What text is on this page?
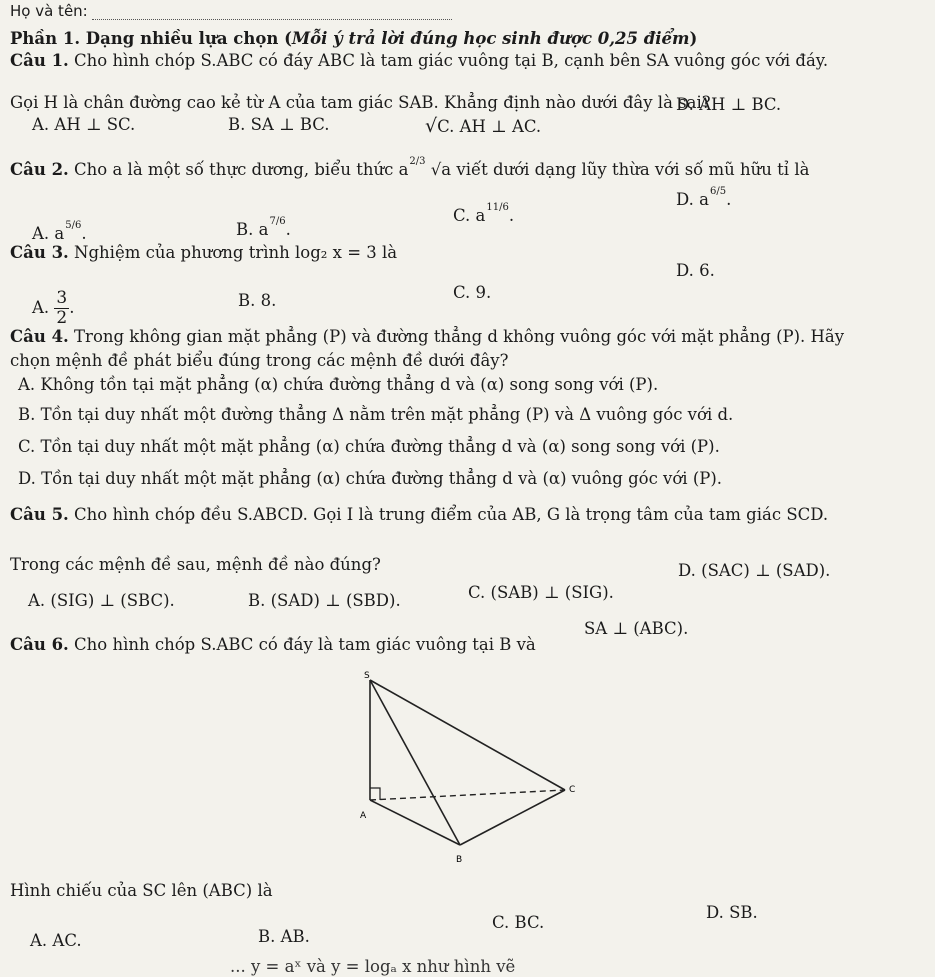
Họ và tên:
Phần 1. Dạng nhiều lựa chọn (Mỗi ý trả lời đúng học sinh được 0,25 điểm)
Câu 1. Cho hình chóp S.ABC có đáy ABC là tam giác vuông tại B, cạnh bên SA vuông góc với đáy.
Gọi H là chân đường cao kẻ từ A của tam giác SAB. Khẳng định nào dưới đây là sai?
A. AH ⊥ SC.	B. SA ⊥ BC.	√C. AH ⊥ AC.
D. AH ⊥ BC.
Câu 2. Cho a là một số thực dương, biểu thức $a^{2/3}$ √a viết dưới dạng lũy thừa với số mũ hữu tỉ là
A. $a^{5/6}$.	B. $a^{7/6}$.
C. $a^{11/6}$.
D. $a^{6/5}$.
Câu 3. Nghiệm của phương trình log₂ x = 3 là
A. $\frac{3}{2}$ .	B. 8.	C. 9.
D. 6.
Câu 4. Trong không gian mặt phẳng (P) và đường thẳng d không vuông góc với mặt phẳng (P). Hãy
chọn mệnh đề phát biểu đúng trong các mệnh đề dưới đây?
A. Không tồn tại mặt phẳng (α) chứa đường thẳng d và (α) song song với (P).
B. Tồn tại duy nhất một đường thẳng Δ nằm trên mặt phẳng (P) và Δ vuông góc với d.
C. Tồn tại duy nhất một mặt phẳng (α) chứa đường thẳng d và (α) song song với (P).
D. Tồn tại duy nhất một mặt phẳng (α) chứa đường thẳng d và (α) vuông góc với (P).
Câu 5. Cho hình chóp đều S.ABCD. Gọi I là trung điểm của AB, G là trọng tâm của tam giác SCD.
Trong các mệnh đề sau, mệnh đề nào đúng?
A. (SIG) ⊥ (SBC).	B. (SAD) ⊥ (SBD).	C. (SAB) ⊥ (SIG).
D. (SAC) ⊥ (SAD).
Câu 6. Cho hình chóp S.ABC có đáy là tam giác vuông tại B và
SA ⊥ (ABC).
S
A
B
C
Hình chiếu của SC lên (ABC) là
A. AC.	B. AB.
C. BC.
D. SB.
... y = aˣ và y = logₐ x như hình vẽ
